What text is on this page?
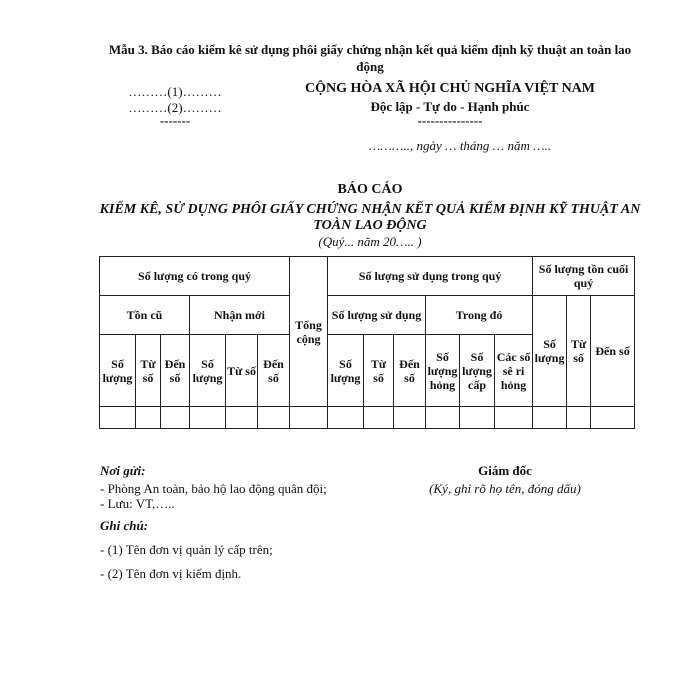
Mẫu 3. Báo cáo kiểm kê sử dụng phôi giấy chứng nhận kết quả kiểm định kỹ thuật an toàn lao động
………(1)………
………(2)………
-------
CỘNG HÒA XÃ HỘI CHỦ NGHĨA VIỆT NAM
Độc lập - Tự do - Hạnh phúc
---------------
……….., ngày … tháng … năm …..
BÁO CÁO
KIỂM KÊ, SỬ DỤNG PHÔI GIẤY CHỨNG NHẬN KẾT QUẢ KIỂM ĐỊNH KỸ THUẬT AN TOÀN LAO ĐỘNG
(Quý... năm 20….. )
Số lượng có trong quý						Tổng cộng	Số lượng sử dụng trong quý						Số lượng tồn cuối quý		
Tồn cũ			Nhận mới				Số lượng sử dụng			Trong đó			Số lượng	Từ số	Đến số
Số lượng	Từ số	Đến số	Số lượng	Từ số	Đến số		Số lượng	Từ số	Đến số	Số lượng hỏng	Số lượng cấp	Các số sê ri hỏng			

Nơi gửi:
- Phòng An toàn, bảo hộ lao động quân đội;
- Lưu: VT,…..
Giám đốc
(Ký, ghi rõ họ tên, đóng dấu)
Ghi chú:
- (1) Tên đơn vị quản lý cấp trên;
- (2) Tên đơn vị kiểm định.
